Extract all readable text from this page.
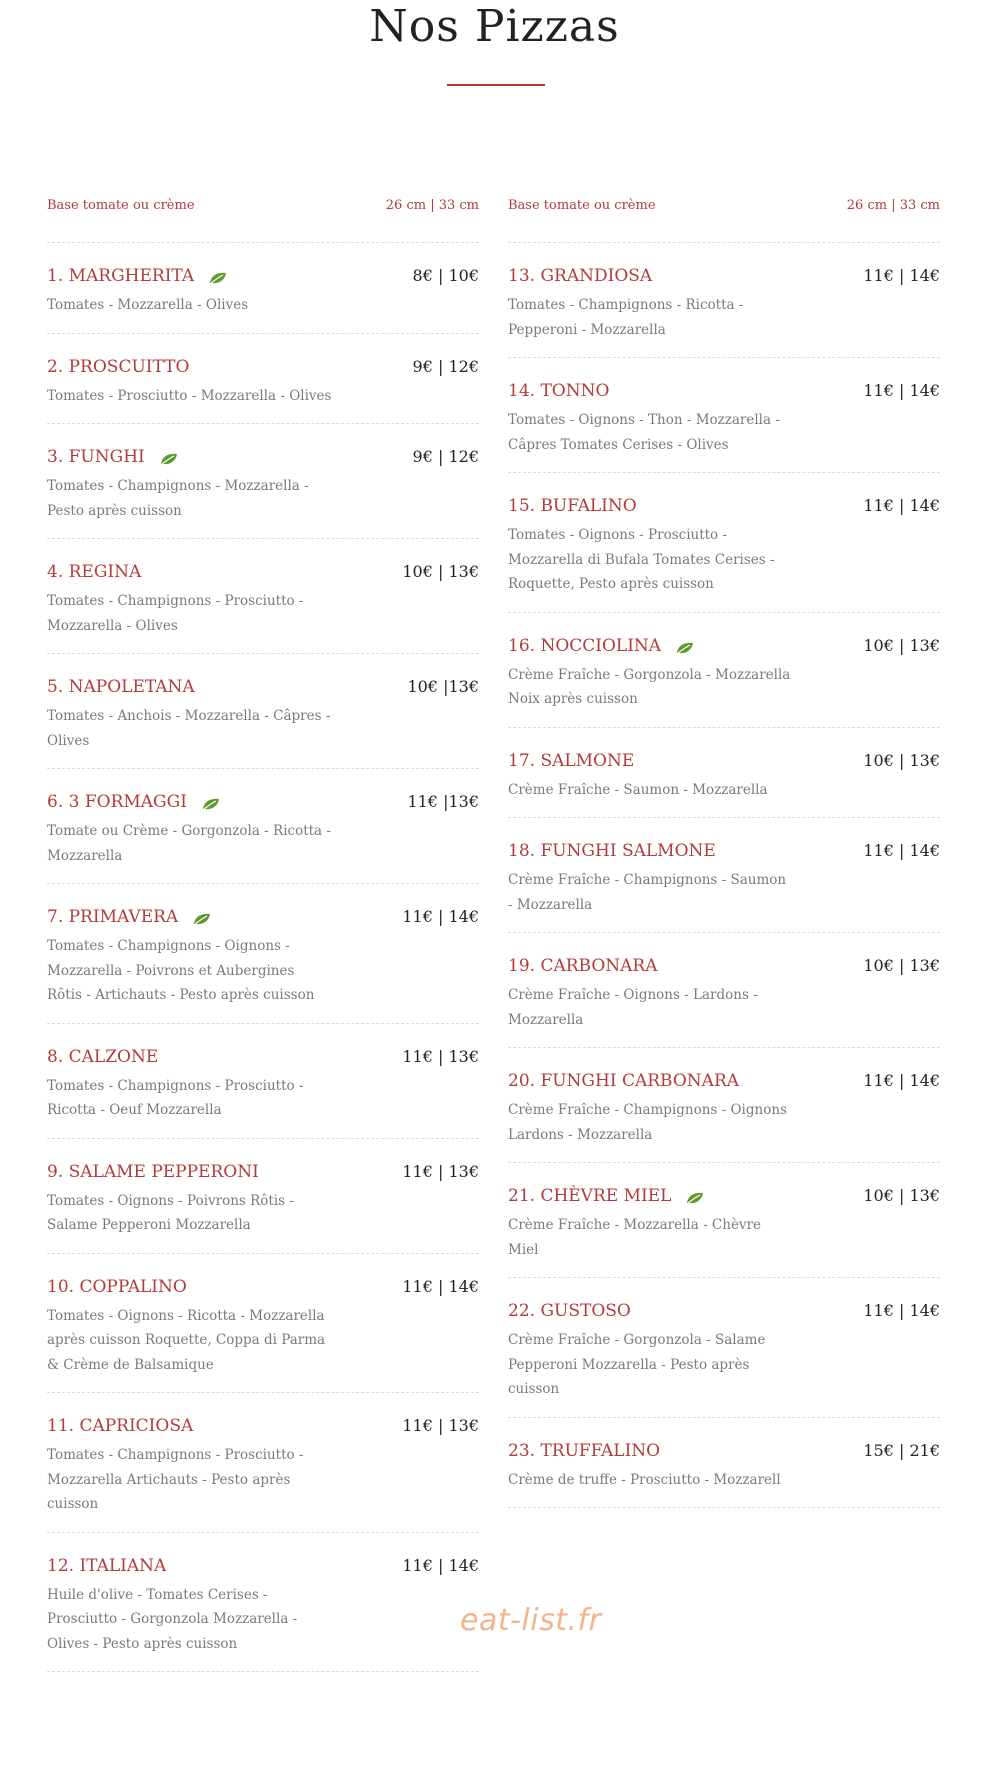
Nos Pizzas
Base tomate ou crème	26 cm | 33 cm
1. MARGHERITA	8€ | 10€
Tomates - Mozzarella - Olives
2. PROSCUITTO	9€ | 12€
Tomates - Prosciutto - Mozzarella - Olives
3. FUNGHI	9€ | 12€
Tomates - Champignons - Mozzarella - Pesto après cuisson
4. REGINA	10€ | 13€
Tomates - Champignons - Prosciutto - Mozzarella - Olives
5. NAPOLETANA	10€ |13€
Tomates - Anchois - Mozzarella - Câpres - Olives
6. 3 FORMAGGI	11€ |13€
Tomate ou Crème - Gorgonzola - Ricotta - Mozzarella
7. PRIMAVERA	11€ | 14€
Tomates - Champignons - Oignons - Mozzarella - Poivrons et Aubergines Rôtis - Artichauts - Pesto après cuisson
8. CALZONE	11€ | 13€
Tomates - Champignons - Prosciutto - Ricotta - Oeuf Mozzarella
9. SALAME PEPPERONI	11€ | 13€
Tomates - Oignons - Poivrons Rôtis - Salame Pepperoni Mozzarella
10. COPPALINO	11€ | 14€
Tomates - Oignons - Ricotta - Mozzarella après cuisson Roquette, Coppa di Parma & Crème de Balsamique
11. CAPRICIOSA	11€ | 13€
Tomates - Champignons - Prosciutto - Mozzarella Artichauts - Pesto après cuisson
12. ITALIANA	11€ | 14€
Huile d'olive - Tomates Cerises - Prosciutto - Gorgonzola Mozzarella - Olives - Pesto après cuisson
Base tomate ou crème	26 cm | 33 cm
13. GRANDIOSA	11€ | 14€
Tomates - Champignons - Ricotta - Pepperoni - Mozzarella
14. TONNO	11€ | 14€
Tomates - Oignons - Thon - Mozzarella - Câpres Tomates Cerises - Olives
15. BUFALINO	11€ | 14€
Tomates - Oignons - Prosciutto - Mozzarella di Bufala Tomates Cerises - Roquette, Pesto après cuisson
16. NOCCIOLINA	10€ | 13€
Crème Fraîche - Gorgonzola - Mozzarella Noix après cuisson
17. SALMONE	10€ | 13€
Crème Fraîche - Saumon - Mozzarella
18. FUNGHI SALMONE	11€ | 14€
Crème Fraîche - Champignons - Saumon - Mozzarella
19. CARBONARA	10€ | 13€
Crème Fraîche - Oignons - Lardons - Mozzarella
20. FUNGHI CARBONARA	11€ | 14€
Crème Fraîche - Champignons - Oignons Lardons - Mozzarella
21. CHÈVRE MIEL	10€ | 13€
Crème Fraîche - Mozzarella - Chèvre Miel
22. GUSTOSO	11€ | 14€
Crème Fraîche - Gorgonzola - Salame Pepperoni Mozzarella - Pesto après cuisson
23. TRUFFALINO	15€ | 21€
Crème de truffe - Prosciutto - Mozzarell
eat-list.fr
